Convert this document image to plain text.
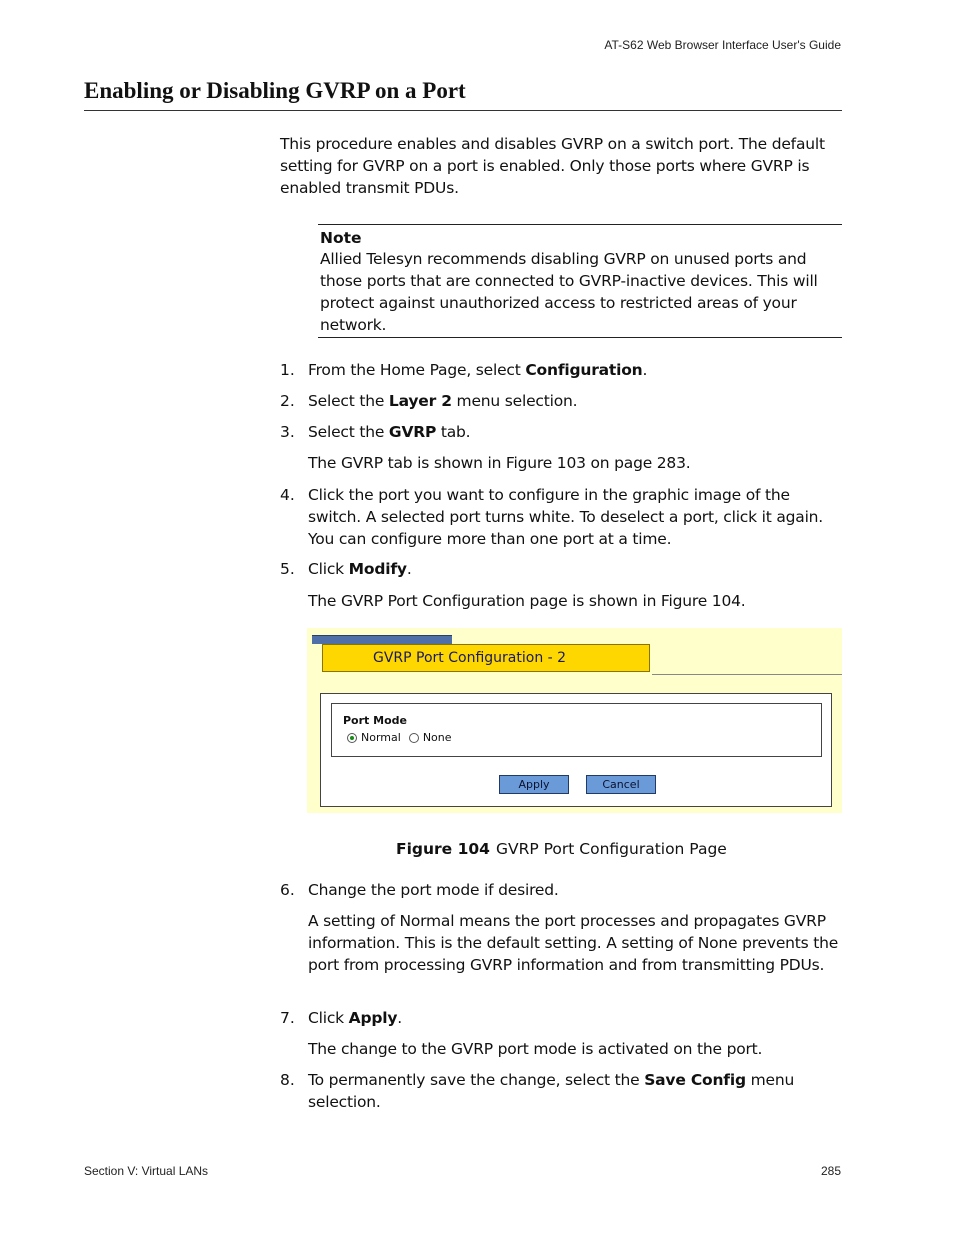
AT-S62 Web Browser Interface User's Guide
Enabling or Disabling GVRP on a Port
This procedure enables and disables GVRP on a switch port. The default setting for GVRP on a port is enabled. Only those ports where GVRP is enabled transmit PDUs.
Note
Allied Telesyn recommends disabling GVRP on unused ports and those ports that are connected to GVRP-inactive devices. This will protect against unauthorized access to restricted areas of your network.
1. From the Home Page, select Configuration.
2. Select the Layer 2 menu selection.
3. Select the GVRP tab.
The GVRP tab is shown in Figure 103 on page 283.
4. Click the port you want to configure in the graphic image of the switch. A selected port turns white. To deselect a port, click it again. You can configure more than one port at a time.
5. Click Modify.
The GVRP Port Configuration page is shown in Figure 104.
GVRP Port Configuration - 2
Port Mode
Normal None
Apply	Cancel
Figure 104 GVRP Port Configuration Page
6. Change the port mode if desired.
A setting of Normal means the port processes and propagates GVRP information. This is the default setting. A setting of None prevents the port from processing GVRP information and from transmitting PDUs.
7. Click Apply.
The change to the GVRP port mode is activated on the port.
8. To permanently save the change, select the Save Config menu selection.
Section V: Virtual LANs	285
